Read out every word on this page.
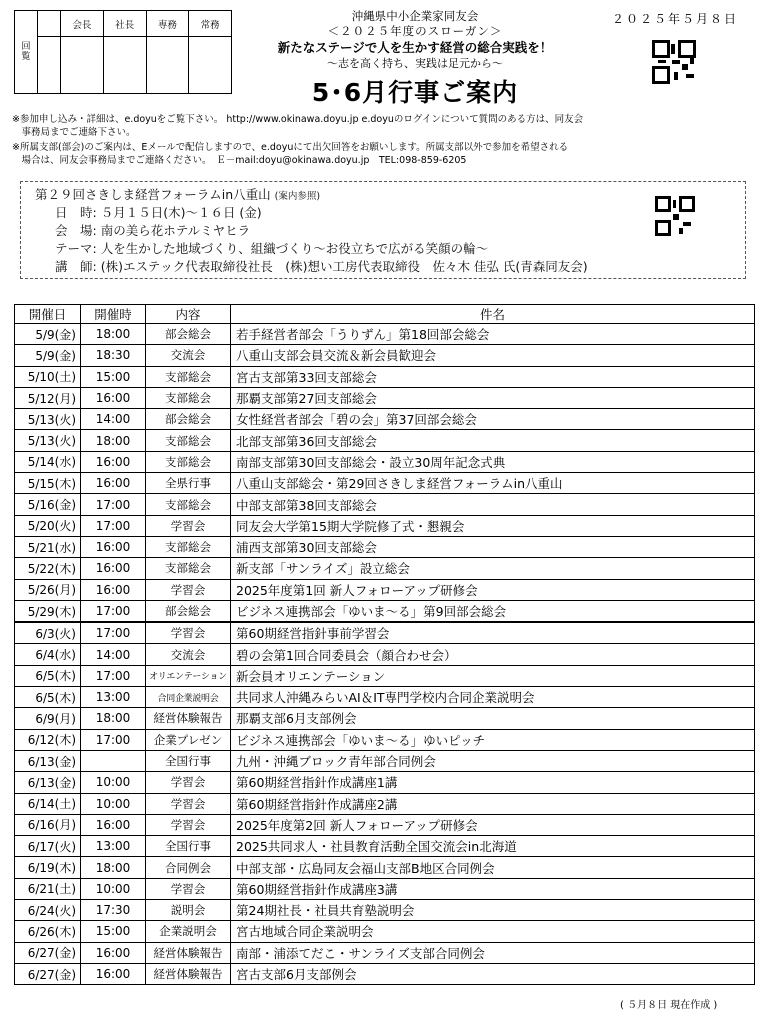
回
覧		会長	社長	専務	常務

沖縄県中小企業家同友会
＜２０２５年度のスローガン＞
新たなステージで人を生かす経営の総合実践を！
～志を高く持ち、実践は足元から～
5･6月行事ご案内
２０２５年５月８日
※参加申し込み・詳細は、e.doyuをご覧下さい。 http://www.okinawa.doyu.jp e.doyuのログインについて質問のある方は、同友会
　事務局までご連絡下さい。
※所属支部(部会)のご案内は、Eメールで配信しますので、e.doyuにて出欠回答をお願いします。所属支部以外で参加を希望される
　場合は、同友会事務局までご連絡ください。　Ｅ－mail:doyu@okinawa.doyu.jp　TEL:098-859-6205
第２９回さきしま経営フォーラムin八重山 (案内参照)
日　時: ５月１５日(木)～１６日 (金)
会　場: 南の美ら花ホテルミヤヒラ
テーマ: 人を生かした地域づくり、組織づくり～お役立ちで広がる笑顔の輪～
講　師: (株)エステック代表取締役社長　(株)想い工房代表取締役　佐々木 佳弘 氏(青森同友会)
開催日	開催時	内容	件名
5/9(金)	18:00	部会総会	若手経営者部会「うりずん」第18回部会総会
5/9(金)	18:30	交流会	八重山支部会員交流＆新会員歓迎会
5/10(土)	15:00	支部総会	宮古支部第33回支部総会
5/12(月)	16:00	支部総会	那覇支部第27回支部総会
5/13(火)	14:00	部会総会	女性経営者部会「碧の会」第37回部会総会
5/13(火)	18:00	支部総会	北部支部第36回支部総会
5/14(水)	16:00	支部総会	南部支部第30回支部総会・設立30周年記念式典
5/15(木)	16:00	全県行事	八重山支部総会・第29回さきしま経営フォーラムin八重山
5/16(金)	17:00	支部総会	中部支部第38回支部総会
5/20(火)	17:00	学習会	同友会大学第15期大学院修了式・懇親会
5/21(水)	16:00	支部総会	浦西支部第30回支部総会
5/22(木)	16:00	支部総会	新支部「サンライズ」設立総会
5/26(月)	16:00	学習会	2025年度第1回 新人フォローアップ研修会
5/29(木)	17:00	部会総会	ビジネス連携部会「ゆいま～る」第9回部会総会
6/3(火)	17:00	学習会	第60期経営指針事前学習会
6/4(水)	14:00	交流会	碧の会第1回合同委員会（顔合わせ会）
6/5(木)	17:00	オリエンテーション	新会員オリエンテーション
6/5(木)	13:00	合同企業説明会	共同求人沖縄みらいAI＆IT専門学校内合同企業説明会
6/9(月)	18:00	経営体験報告	那覇支部6月支部例会
6/12(木)	17:00	企業プレゼン	ビジネス連携部会「ゆいま～る」ゆいピッチ
6/13(金)		全国行事	九州・沖縄ブロック青年部合同例会
6/13(金)	10:00	学習会	第60期経営指針作成講座1講
6/14(土)	10:00	学習会	第60期経営指針作成講座2講
6/16(月)	16:00	学習会	2025年度第2回 新人フォローアップ研修会
6/17(火)	13:00	全国行事	2025共同求人・社員教育活動全国交流会in北海道
6/19(木)	18:00	合同例会	中部支部・広島同友会福山支部B地区合同例会
6/21(土)	10:00	学習会	第60期経営指針作成講座3講
6/24(火)	17:30	説明会	第24期社長・社員共育塾説明会
6/26(木)	15:00	企業説明会	宮古地域合同企業説明会
6/27(金)	16:00	経営体験報告	南部・浦添てだこ・サンライズ支部合同例会
6/27(金)	16:00	経営体験報告	宮古支部6月支部例会
( ５月８日 現在作成 )
